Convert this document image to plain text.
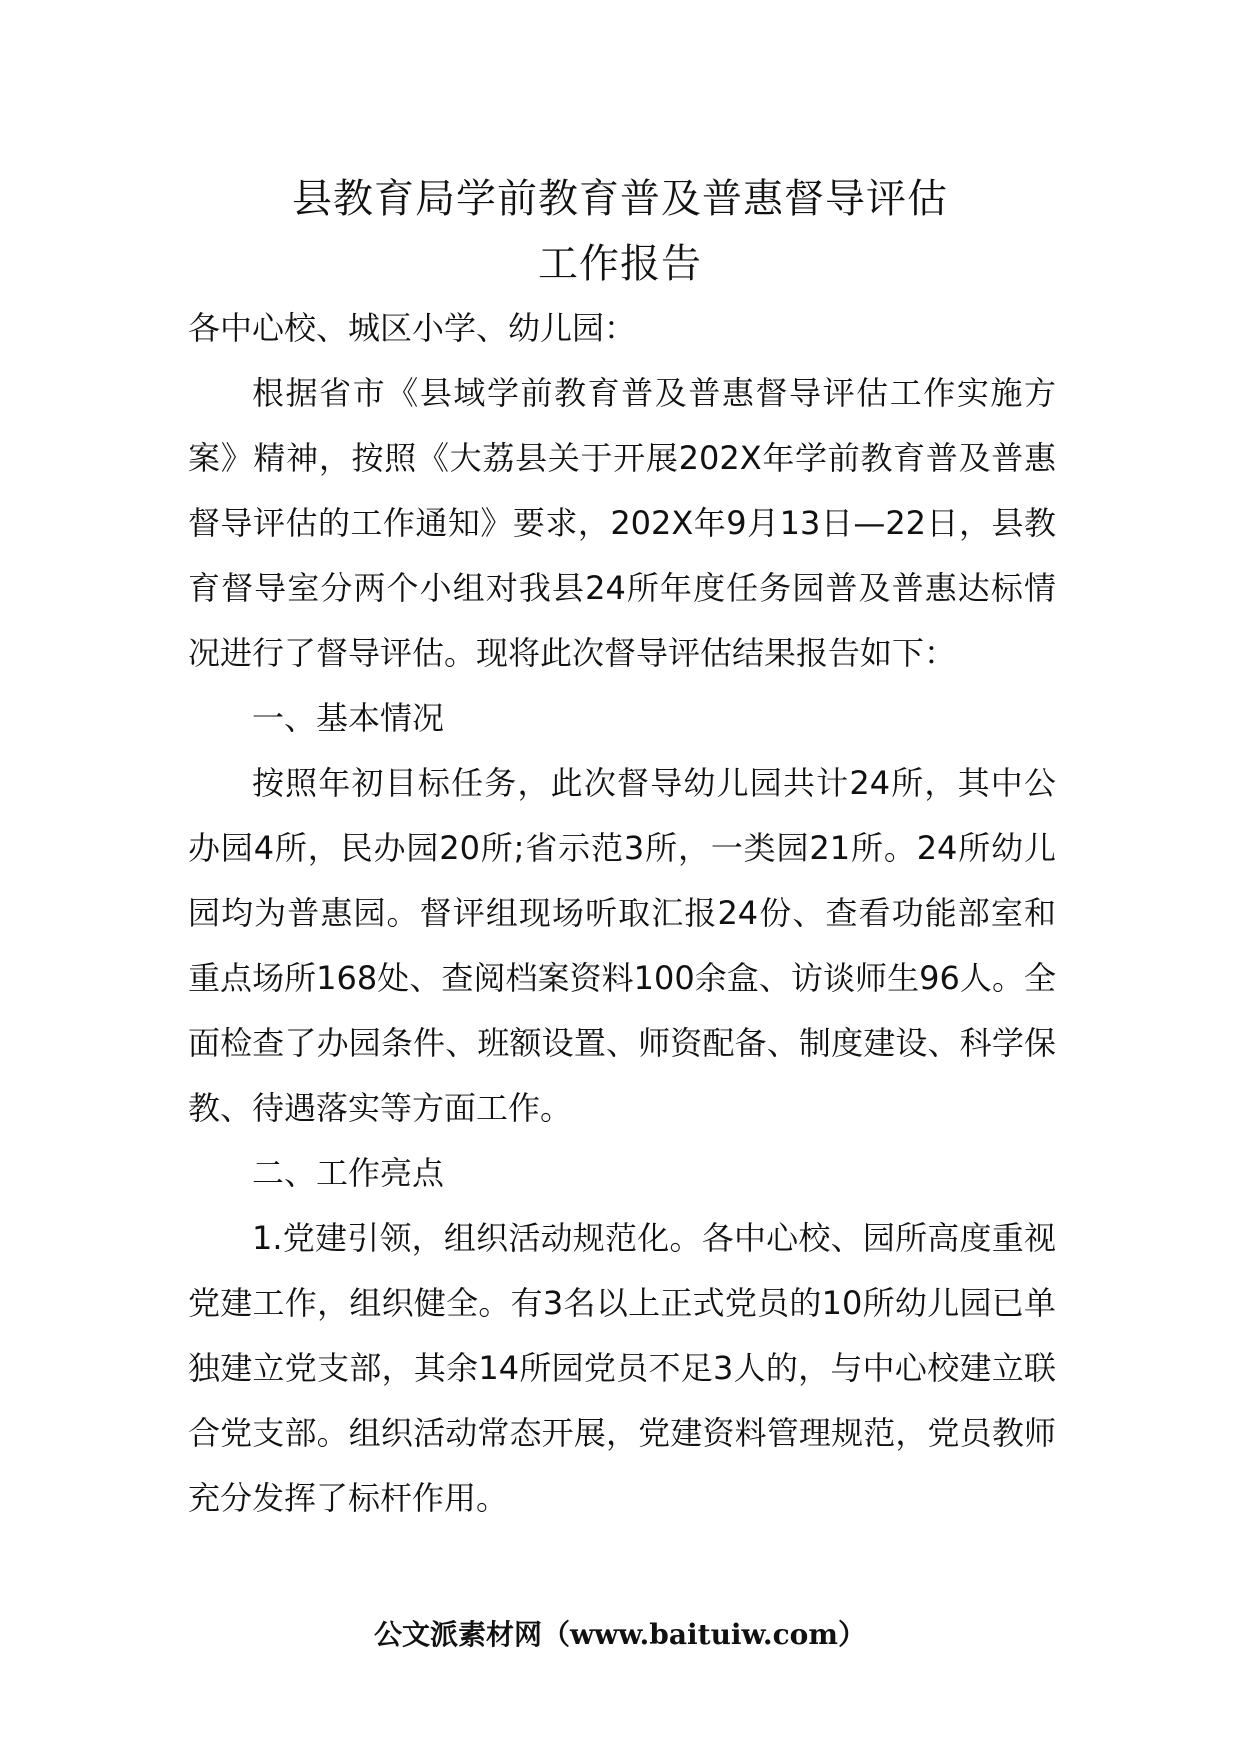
县教育局学前教育普及普惠督导评估
工作报告

各中心校、城区小学、幼儿园：

根据省市《县域学前教育普及普惠督导评估工作实施方案》精神，按照《大荔县关于开展202X年学前教育普及普惠督导评估的工作通知》要求，202X年9月13日—22日，县教育督导室分两个小组对我县24所年度任务园普及普惠达标情况进行了督导评估。现将此次督导评估结果报告如下：

一、基本情况

按照年初目标任务，此次督导幼儿园共计24所，其中公办园4所，民办园20所;省示范3所，一类园21所。24所幼儿园均为普惠园。督评组现场听取汇报24份、查看功能部室和重点场所168处、查阅档案资料100余盒、访谈师生96人。全面检查了办园条件、班额设置、师资配备、制度建设、科学保教、待遇落实等方面工作。

二、工作亮点

1.党建引领，组织活动规范化。各中心校、园所高度重视党建工作，组织健全。有3名以上正式党员的10所幼儿园已单独建立党支部，其余14所园党员不足3人的，与中心校建立联合党支部。组织活动常态开展，党建资料管理规范，党员教师充分发挥了标杆作用。

公文派素材网（www.baituiw.com）
